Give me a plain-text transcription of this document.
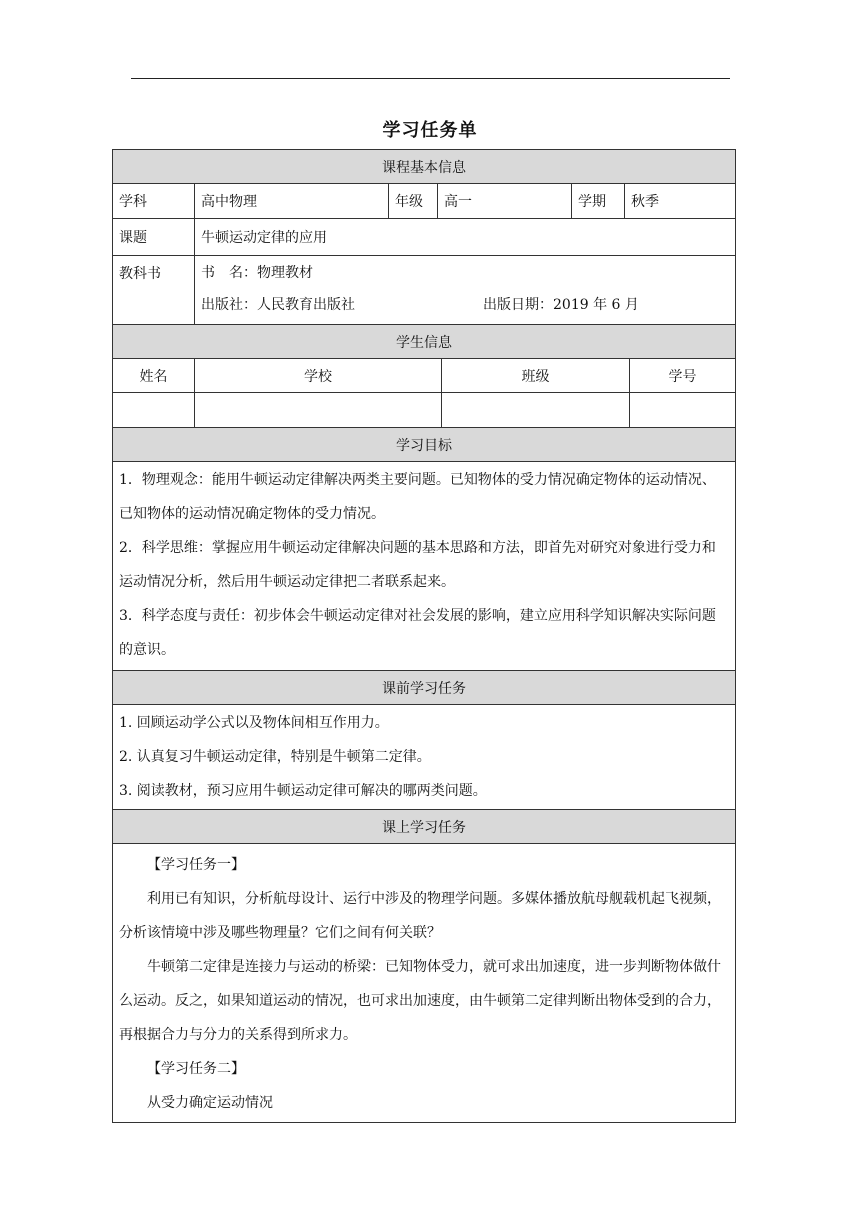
学习任务单
课程基本信息
学科	高中物理	年级	高一	学期	秋季
课题	牛顿运动定律的应用
教科书	书　名：物理教材
出版社：人民教育出版社	出版日期：2019 年 6 月
学生信息
姓名	学校	班级	学号
学习目标
1．物理观念：能用牛顿运动定律解决两类主要问题。已知物体的受力情况确定物体的运动情况、已知物体的运动情况确定物体的受力情况。
2．科学思维：掌握应用牛顿运动定律解决问题的基本思路和方法，即首先对研究对象进行受力和运动情况分析，然后用牛顿运动定律把二者联系起来。
3．科学态度与责任：初步体会牛顿运动定律对社会发展的影响，建立应用科学知识解决实际问题的意识。
课前学习任务
1. 回顾运动学公式以及物体间相互作用力。
2. 认真复习牛顿运动定律，特别是牛顿第二定律。
3. 阅读教材，预习应用牛顿运动定律可解决的哪两类问题。
课上学习任务
【学习任务一】
利用已有知识，分析航母设计、运行中涉及的物理学问题。多媒体播放航母舰载机起飞视频，分析该情境中涉及哪些物理量？它们之间有何关联？
牛顿第二定律是连接力与运动的桥梁：已知物体受力，就可求出加速度，进一步判断物体做什么运动。反之，如果知道运动的情况，也可求出加速度，由牛顿第二定律判断出物体受到的合力，再根据合力与分力的关系得到所求力。
【学习任务二】
从受力确定运动情况
